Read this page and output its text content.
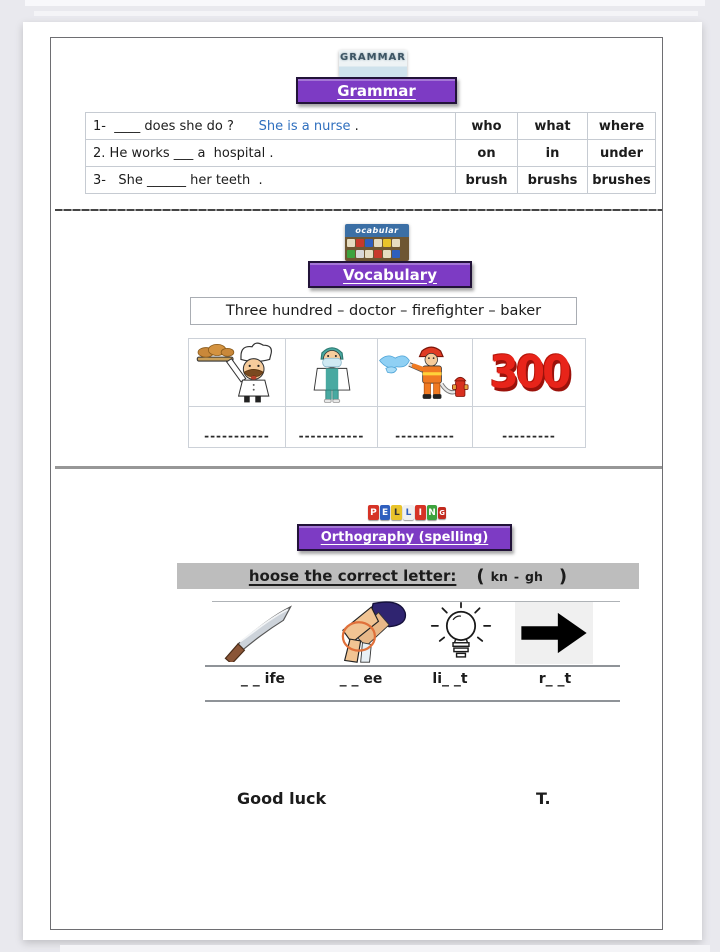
GRAMMAR
Grammar
1- ____ does she do ? She is a nurse .	who	what	where
2. He works ___ a  hospital .	on	in	under
3- She ______ her teeth .	brush	brushs	brushes
ocabular
Vocabulary
Three hundred – doctor – firefighter – baker
300
-----------	-----------	----------	---------
P E L L I N G
Orthography (spelling)
hoose the correct letter: ( kn - gh )
_ _ ife	_ _ ee	li_ _t	r_ _t
Good luck	T.
